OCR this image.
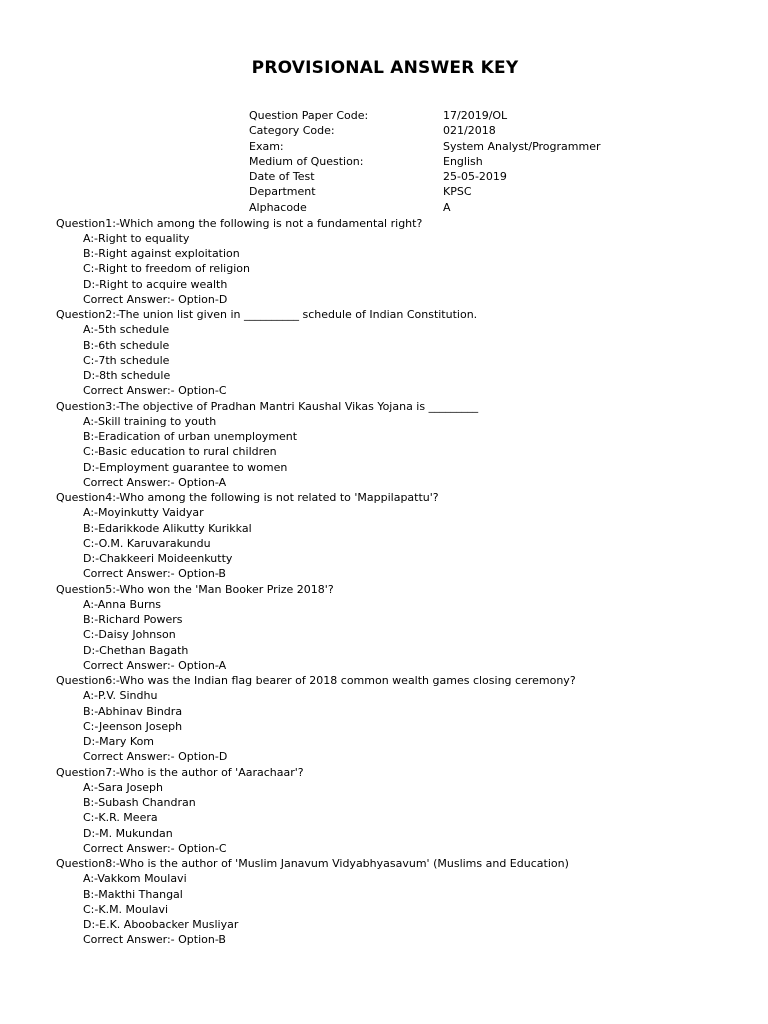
PROVISIONAL ANSWER KEY
Question Paper Code:	17/2019/OL
Category Code:	021/2018
Exam:	System Analyst/Programmer
Medium of Question:	English
Date of Test	25-05-2019
Department	KPSC
Alphacode	A
Question1:-Which among the following is not a fundamental right?
A:-Right to equality
B:-Right against exploitation
C:-Right to freedom of religion
D:-Right to acquire wealth
Correct Answer:- Option-D
Question2:-The union list given in __________ schedule of Indian Constitution.
A:-5th schedule
B:-6th schedule
C:-7th schedule
D:-8th schedule
Correct Answer:- Option-C
Question3:-The objective of Pradhan Mantri Kaushal Vikas Yojana is _________
A:-Skill training to youth
B:-Eradication of urban unemployment
C:-Basic education to rural children
D:-Employment guarantee to women
Correct Answer:- Option-A
Question4:-Who among the following is not related to 'Mappilapattu'?
A:-Moyinkutty Vaidyar
B:-Edarikkode Alikutty Kurikkal
C:-O.M. Karuvarakundu
D:-Chakkeeri Moideenkutty
Correct Answer:- Option-B
Question5:-Who won the 'Man Booker Prize 2018'?
A:-Anna Burns
B:-Richard Powers
C:-Daisy Johnson
D:-Chethan Bagath
Correct Answer:- Option-A
Question6:-Who was the Indian flag bearer of 2018 common wealth games closing ceremony?
A:-P.V. Sindhu
B:-Abhinav Bindra
C:-Jeenson Joseph
D:-Mary Kom
Correct Answer:- Option-D
Question7:-Who is the author of 'Aarachaar'?
A:-Sara Joseph
B:-Subash Chandran
C:-K.R. Meera
D:-M. Mukundan
Correct Answer:- Option-C
Question8:-Who is the author of 'Muslim Janavum Vidyabhyasavum' (Muslims and Education)
A:-Vakkom Moulavi
B:-Makthi Thangal
C:-K.M. Moulavi
D:-E.K. Aboobacker Musliyar
Correct Answer:- Option-B
